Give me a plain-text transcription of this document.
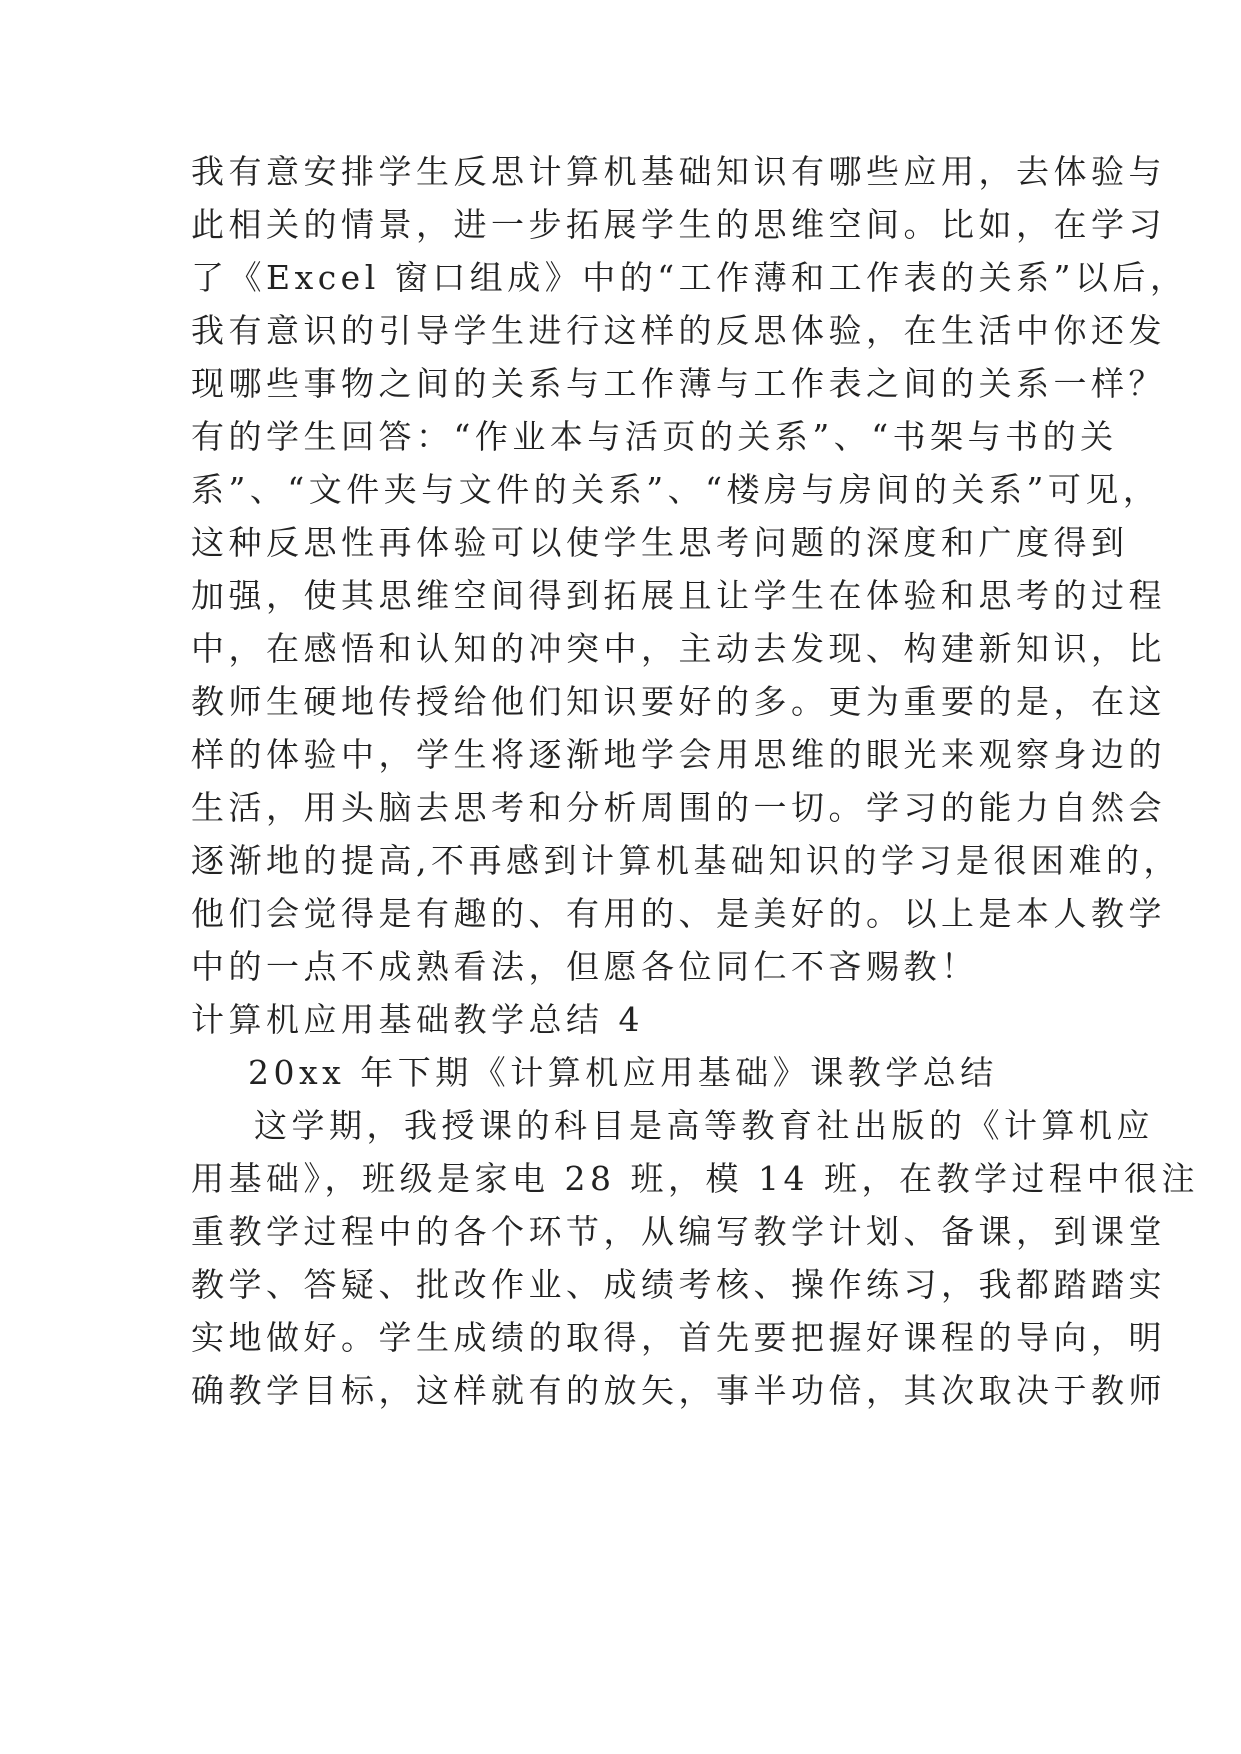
我有意安排学生反思计算机基础知识有哪些应用，去体验与
此相关的情景，进一步拓展学生的思维空间。比如，在学习
了《Excel 窗口组成》中的“工作薄和工作表的关系”以后，
我有意识的引导学生进行这样的反思体验，在生活中你还发
现哪些事物之间的关系与工作薄与工作表之间的关系一样？
有的学生回答：“作业本与活页的关系”、“书架与书的关
系”、“文件夹与文件的关系”、“楼房与房间的关系”可见，
这种反思性再体验可以使学生思考问题的深度和广度得到
加强，使其思维空间得到拓展且让学生在体验和思考的过程
中，在感悟和认知的冲突中，主动去发现、构建新知识，比
教师生硬地传授给他们知识要好的多。更为重要的是，在这
样的体验中，学生将逐渐地学会用思维的眼光来观察身边的
生活，用头脑去思考和分析周围的一切。学习的能力自然会
逐渐地的提高,不再感到计算机基础知识的学习是很困难的，
他们会觉得是有趣的、有用的、是美好的。以上是本人教学
中的一点不成熟看法，但愿各位同仁不吝赐教！
计算机应用基础教学总结 4
20xx 年下期《计算机应用基础》课教学总结
这学期，我授课的科目是高等教育社出版的《计算机应
用基础》，班级是家电 28 班，模 14 班，在教学过程中很注
重教学过程中的各个环节，从编写教学计划、备课，到课堂
教学、答疑、批改作业、成绩考核、操作练习，我都踏踏实
实地做好。学生成绩的取得，首先要把握好课程的导向，明
确教学目标，这样就有的放矢，事半功倍，其次取决于教师
